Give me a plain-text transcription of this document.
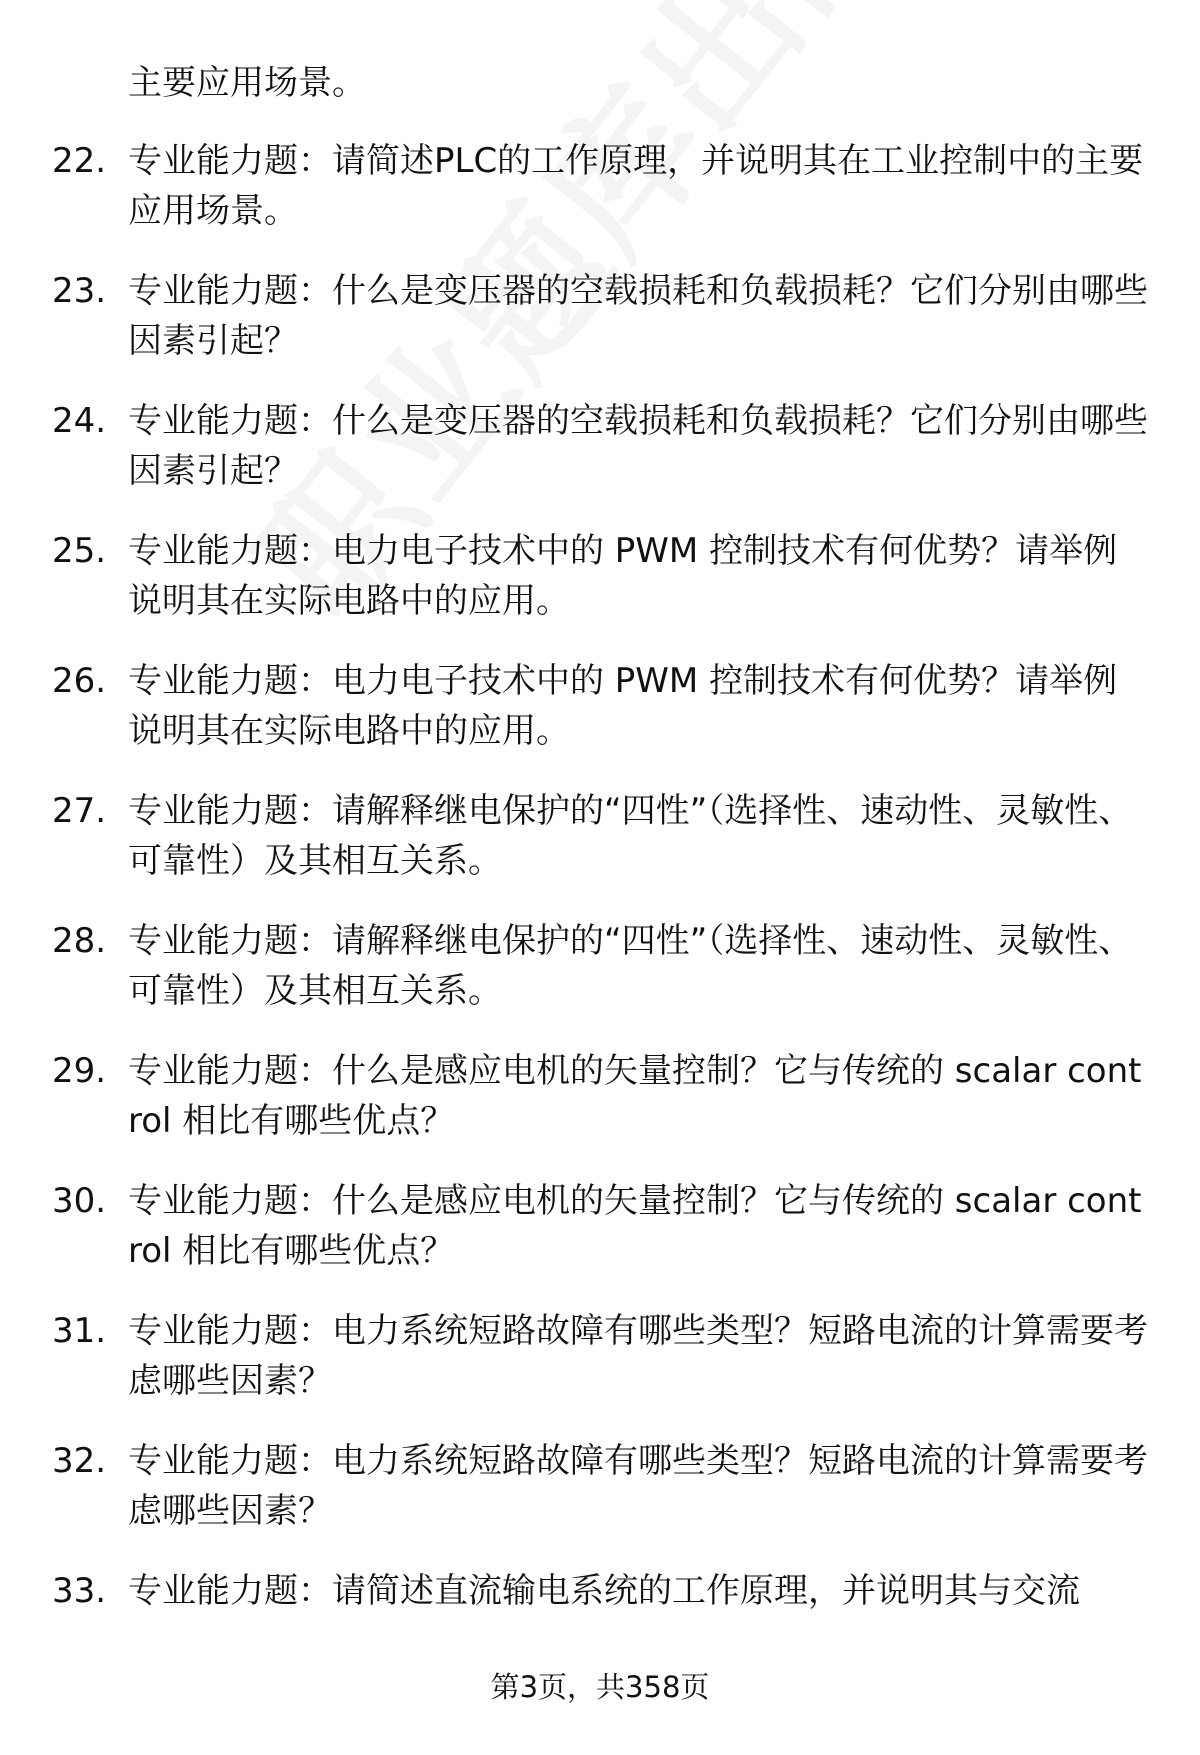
主要应用场景。

22. 专业能力题：请简述PLC的工作原理，并说明其在工业控制中的主要应用场景。
23. 专业能力题：什么是变压器的空载损耗和负载损耗？它们分别由哪些因素引起？
24. 专业能力题：什么是变压器的空载损耗和负载损耗？它们分别由哪些因素引起？
25. 专业能力题：电力电子技术中的 PWM 控制技术有何优势？请举例说明其在实际电路中的应用。
26. 专业能力题：电力电子技术中的 PWM 控制技术有何优势？请举例说明其在实际电路中的应用。
27. 专业能力题：请解释继电保护的“四性”（选择性、速动性、灵敏性、可靠性）及其相互关系。
28. 专业能力题：请解释继电保护的“四性”（选择性、速动性、灵敏性、可靠性）及其相互关系。
29. 专业能力题：什么是感应电机的矢量控制？它与传统的 scalar control 相比有哪些优点？
30. 专业能力题：什么是感应电机的矢量控制？它与传统的 scalar control 相比有哪些优点？
31. 专业能力题：电力系统短路故障有哪些类型？短路电流的计算需要考虑哪些因素？
32. 专业能力题：电力系统短路故障有哪些类型？短路电流的计算需要考虑哪些因素？
33. 专业能力题：请简述直流输电系统的工作原理，并说明其与交流
第3页，共358页
